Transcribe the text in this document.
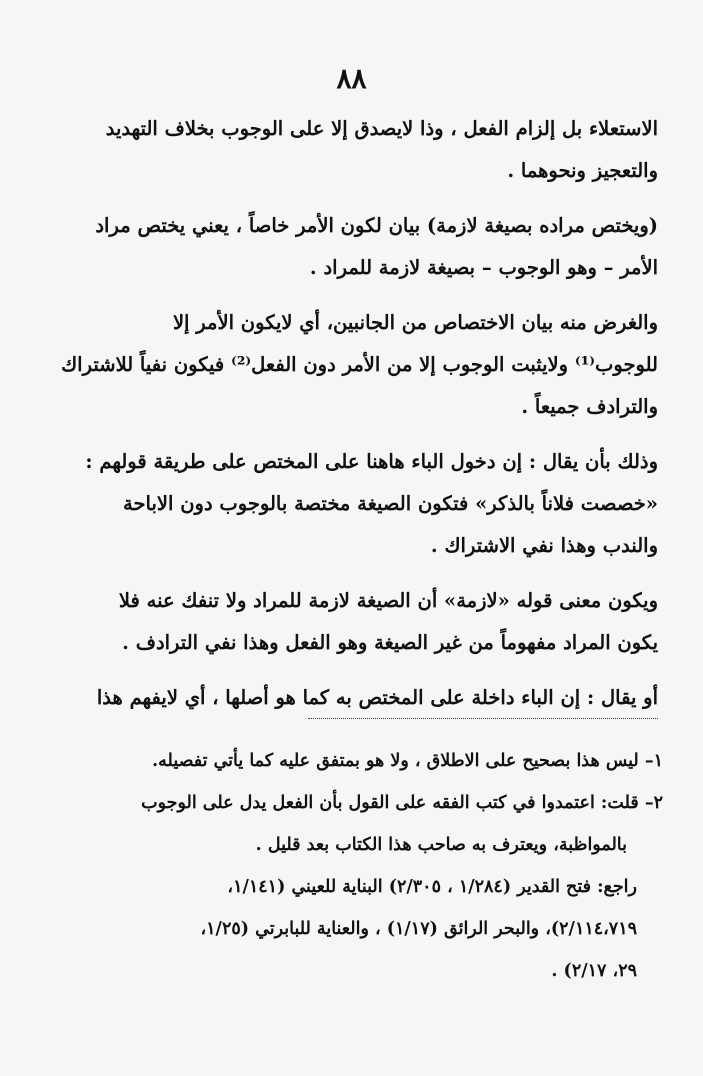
٨٨
الاستعلاء بل إلزام الفعل ، وذا لايصدق إلا على الوجوب بخلاف التهديد
والتعجيز ونحوهما .
(ويختص مراده بصيغة لازمة) بيان لكون الأمر خاصاً ، يعني يختص مراد
الأمر – وهو الوجوب – بصيغة لازمة للمراد .
والغرض منه بيان الاختصاص من الجانبين، أي لايكون الأمر إلا
للوجوب⁽¹⁾ ولايثبت الوجوب إلا من الأمر دون الفعل⁽²⁾ فيكون نفياً للاشتراك
والترادف جميعاً .
وذلك بأن يقال : إن دخول الباء هاهنا على المختص على طريقة قولهم :
«خصصت فلاناً بالذكر» فتكون الصيغة مختصة بالوجوب دون الاباحة
والندب وهذا نفي الاشتراك .
ويكون معنى قوله «لازمة» أن الصيغة لازمة للمراد ولا تنفك عنه فلا
يكون المراد مفهوماً من غير الصيغة وهو الفعل وهذا نفي الترادف .
أو يقال : إن الباء داخلة على المختص به كما هو أصلها ، أي لايفهم هذا
١– ليس هذا بصحيح على الاطلاق ، ولا هو بمتفق عليه كما يأتي تفصيله.
٢– قلت: اعتمدوا في كتب الفقه على القول بأن الفعل يدل على الوجوب
بالمواظبة، ويعترف به صاحب هذا الكتاب بعد قليل .
راجع: فتح القدير (١/٢٨٤ ، ٢/٣٠٥) البناية للعيني (١/١٤١،
٢/١١٤،٧١٩)، والبحر الرائق (١/١٧) ، والعناية للبابرتي (١/٢٥،
٢٩، ٢/١٧) .
